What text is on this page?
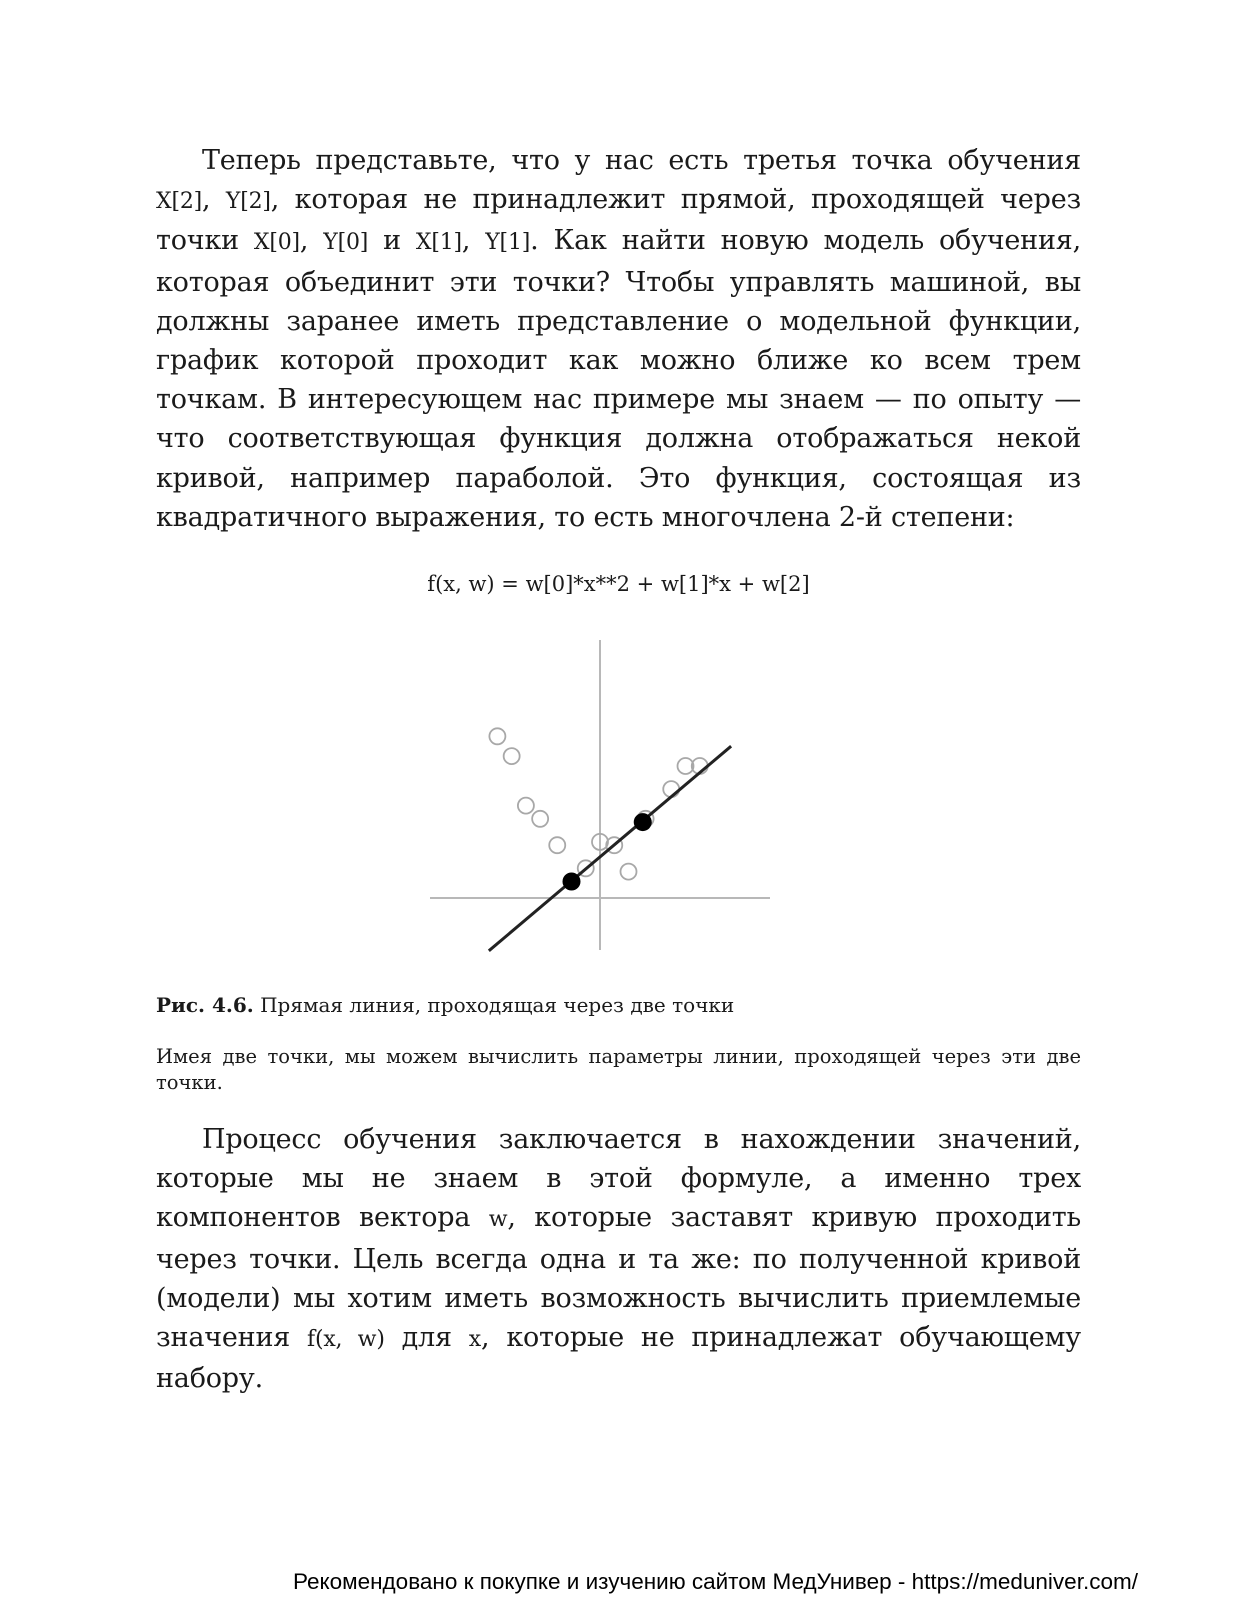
Теперь представьте, что у нас есть третья точка обучения X[2], Y[2], которая не принадлежит прямой, проходящей через точки X[0], Y[0] и X[1], Y[1]. Как найти новую модель обучения, которая объединит эти точки? Чтобы управлять машиной, вы должны заранее иметь представление о модельной функции, график которой проходит как можно ближе ко всем трем точкам. В интересующем нас примере мы знаем — по опыту — что соответствующая функция должна отображаться некой кривой, например параболой. Это функция, состоящая из квадратичного выражения, то есть многочлена 2-й степени:

f(x, w) = w[0]*x**2 + w[1]*x + w[2]

Рис. 4.6. Прямая линия, проходящая через две точки

Имея две точки, мы можем вычислить параметры линии, проходящей через эти две точки.

Процесс обучения заключается в нахождении значений, которые мы не знаем в этой формуле, а именно трех компонентов вектора w, которые заставят кривую проходить через точки. Цель всегда одна и та же: по полученной кривой (модели) мы хотим иметь возможность вычислить приемлемые значения f(x, w) для x, которые не принадлежат обучающему набору.

Рекомендовано к покупке и изучению сайтом МедУнивер - https://meduniver.com/
